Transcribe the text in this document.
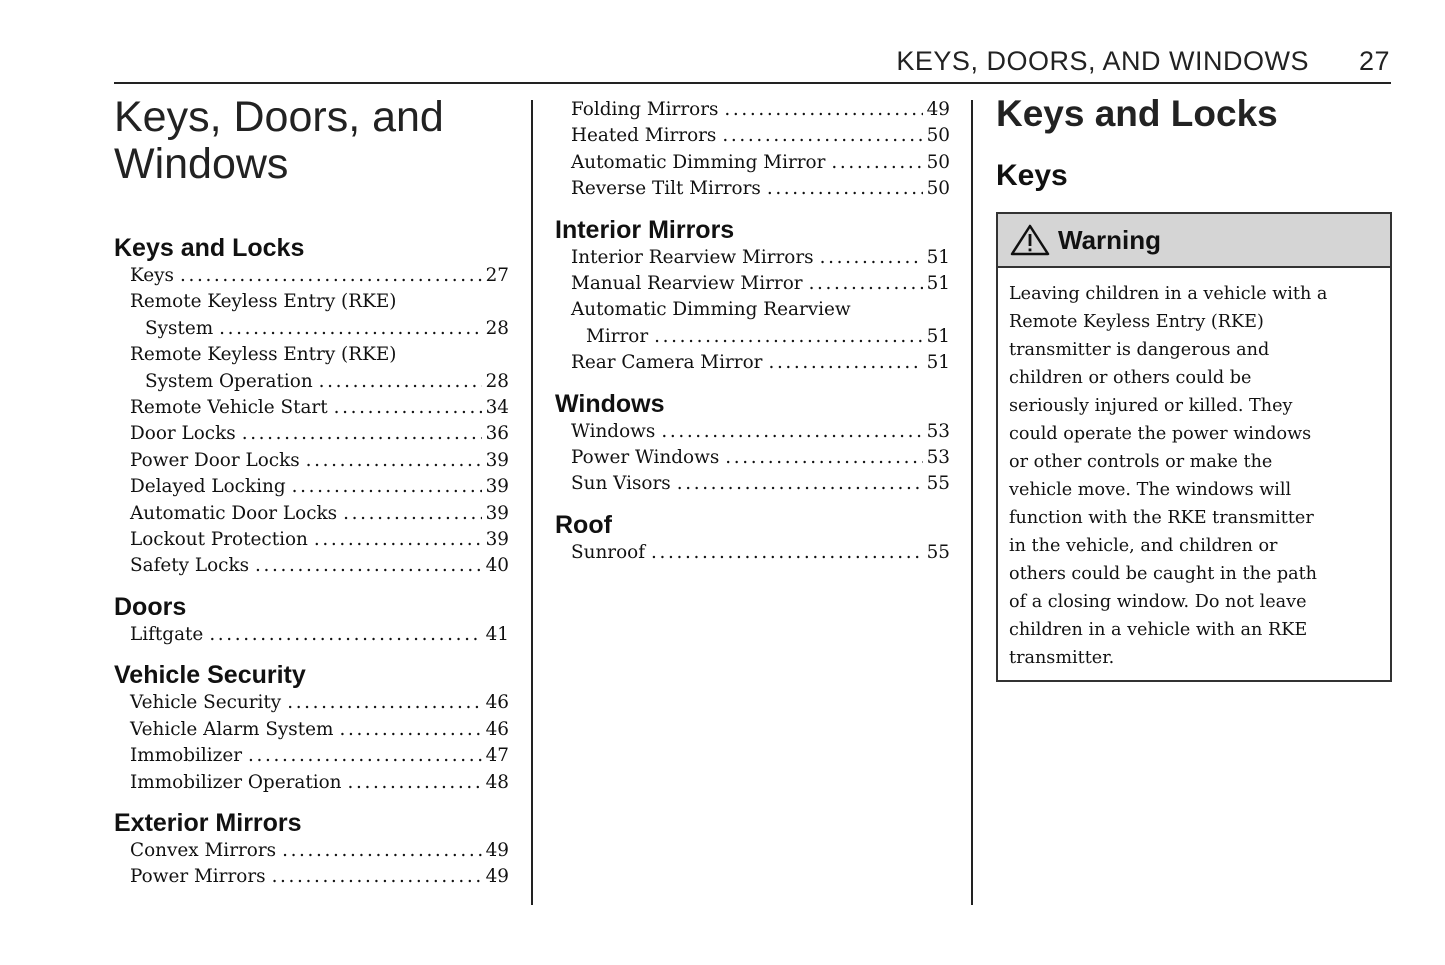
KEYS, DOORS, AND WINDOWS 27
Keys, Doors, and
Windows
Keys and Locks
Keys . . .	27
Remote Keyless Entry (RKE)
System . . .	28
Remote Keyless Entry (RKE)
System Operation . . .	28
Remote Vehicle Start . . .	34
Door Locks . . .	36
Power Door Locks . . .	39
Delayed Locking . . .	39
Automatic Door Locks . . .	39
Lockout Protection . . .	39
Safety Locks . . .	40
Doors
Liftgate . . .	41
Vehicle Security
Vehicle Security . . .	46
Vehicle Alarm System . . .	46
Immobilizer . . .	47
Immobilizer Operation . . .	48
Exterior Mirrors
Convex Mirrors . . .	49
Power Mirrors . . .	49
Folding Mirrors . . .	49
Heated Mirrors . . .	50
Automatic Dimming Mirror . . .	50
Reverse Tilt Mirrors . . .	50
Interior Mirrors
Interior Rearview Mirrors . . .	51
Manual Rearview Mirror . . .	51
Automatic Dimming Rearview
Mirror . . .	51
Rear Camera Mirror . . .	51
Windows
Windows . . .	53
Power Windows . . .	53
Sun Visors . . .	55
Roof
Sunroof . . .	55
Keys and Locks
Keys
Warning
Leaving children in a vehicle with a
Remote Keyless Entry (RKE)
transmitter is dangerous and
children or others could be
seriously injured or killed. They
could operate the power windows
or other controls or make the
vehicle move. The windows will
function with the RKE transmitter
in the vehicle, and children or
others could be caught in the path
of a closing window. Do not leave
children in a vehicle with an RKE
transmitter.
